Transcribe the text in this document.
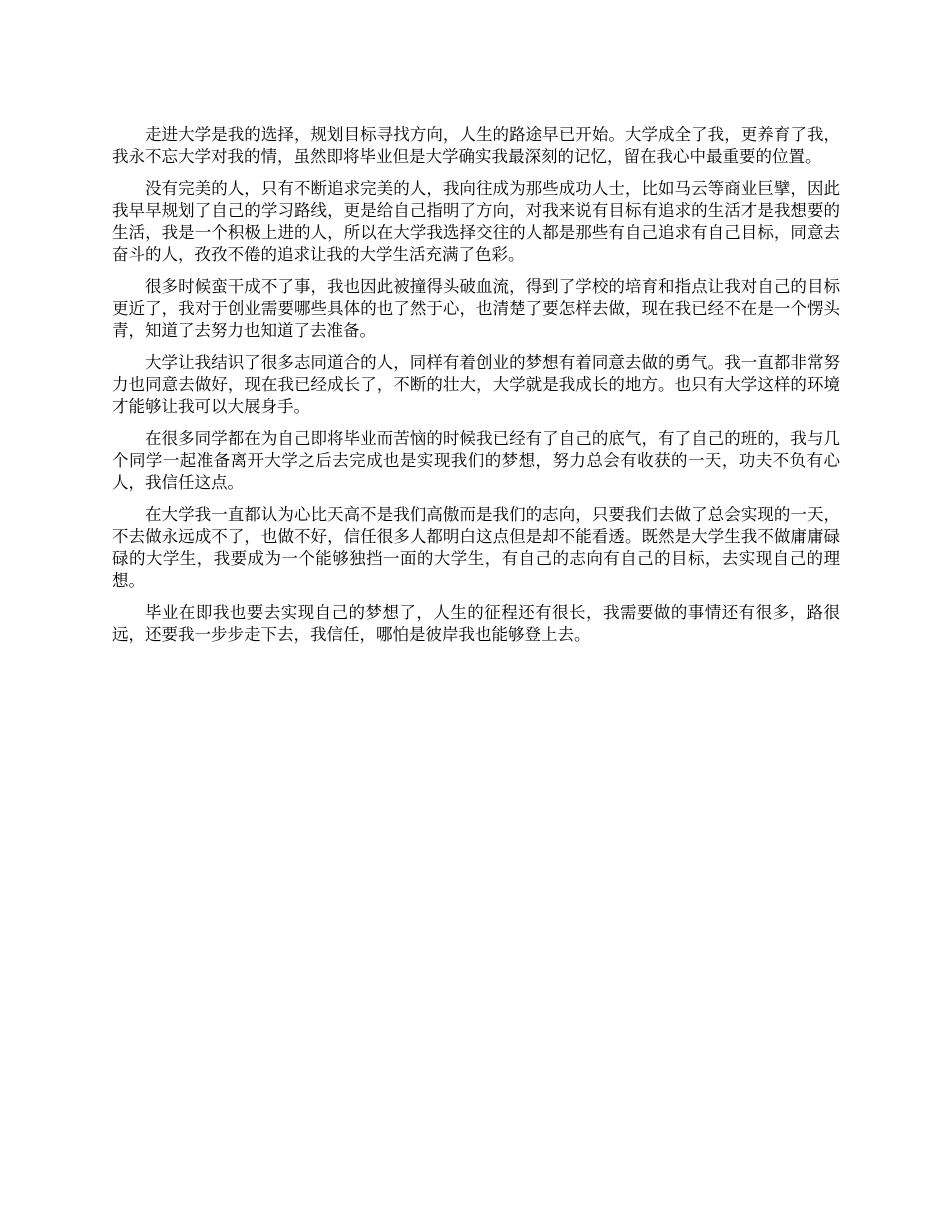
走进大学是我的选择，规划目标寻找方向，人生的路途早已开始。大学成全了我，更养育了我，我永不忘大学对我的情，虽然即将毕业但是大学确实我最深刻的记忆，留在我心中最重要的位置。

没有完美的人，只有不断追求完美的人，我向往成为那些成功人士，比如马云等商业巨擘，因此我早早规划了自己的学习路线，更是给自己指明了方向，对我来说有目标有追求的生活才是我想要的生活，我是一个积极上进的人，所以在大学我选择交往的人都是那些有自己追求有自己目标，同意去奋斗的人，孜孜不倦的追求让我的大学生活充满了色彩。

很多时候蛮干成不了事，我也因此被撞得头破血流，得到了学校的培育和指点让我对自己的目标更近了，我对于创业需要哪些具体的也了然于心，也清楚了要怎样去做，现在我已经不在是一个愣头青，知道了去努力也知道了去准备。

大学让我结识了很多志同道合的人，同样有着创业的梦想有着同意去做的勇气。我一直都非常努力也同意去做好，现在我已经成长了，不断的壮大，大学就是我成长的地方。也只有大学这样的环境才能够让我可以大展身手。

在很多同学都在为自己即将毕业而苦恼的时候我已经有了自己的底气，有了自己的班的，我与几个同学一起准备离开大学之后去完成也是实现我们的梦想，努力总会有收获的一天，功夫不负有心人，我信任这点。

在大学我一直都认为心比天高不是我们高傲而是我们的志向，只要我们去做了总会实现的一天，不去做永远成不了，也做不好，信任很多人都明白这点但是却不能看透。既然是大学生我不做庸庸碌碌的大学生，我要成为一个能够独挡一面的大学生，有自己的志向有自己的目标，去实现自己的理想。

毕业在即我也要去实现自己的梦想了，人生的征程还有很长，我需要做的事情还有很多，路很远，还要我一步步走下去，我信任，哪怕是彼岸我也能够登上去。
